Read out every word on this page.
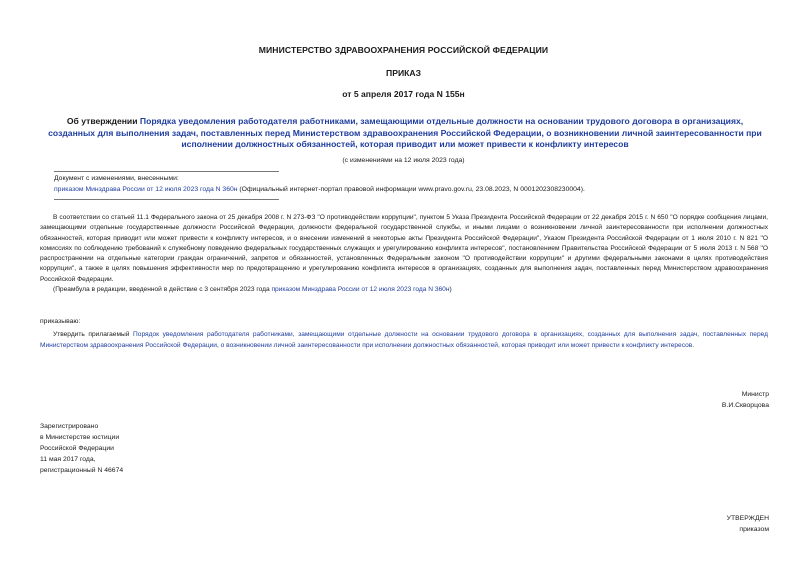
МИНИСТЕРСТВО ЗДРАВООХРАНЕНИЯ РОССИЙСКОЙ ФЕДЕРАЦИИ
ПРИКАЗ
от 5 апреля 2017 года N 155н
Об утверждении Порядка уведомления работодателя работниками, замещающими отдельные должности на основании трудового договора в организациях, созданных для выполнения задач, поставленных перед Министерством здравоохранения Российской Федерации, о возникновении личной заинтересованности при исполнении должностных обязанностей, которая приводит или может привести к конфликту интересов
(с изменениями на 12 июля 2023 года)
Документ с изменениями, внесенными:
приказом Минздрава России от 12 июля 2023 года N 360н (Официальный интернет-портал правовой информации www.pravo.gov.ru, 23.08.2023, N 0001202308230004).

В соответствии со статьей 11.1 Федерального закона от 25 декабря 2008 г. N 273-ФЗ "О противодействии коррупции", пунктом 5 Указа Президента Российской Федерации от 22 декабря 2015 г. N 650 "О порядке сообщения лицами, замещающими отдельные государственные должности Российской Федерации, должности федеральной государственной службы, и иными лицами о возникновении личной заинтересованности при исполнении должностных обязанностей, которая приводит или может привести к конфликту интересов, и о внесении изменений в некоторые акты Президента Российской Федерации", Указом Президента Российской Федерации от 1 июля 2010 г. N 821 "О комиссиях по соблюдению требований к служебному поведению федеральных государственных служащих и урегулированию конфликта интересов", постановлением Правительства Российской Федерации от 5 июля 2013 г. N 568 "О распространении на отдельные категории граждан ограничений, запретов и обязанностей, установленных Федеральным законом "О противодействии коррупции" и другими федеральными законами в целях противодействия коррупции", а также в целях повышения эффективности мер по предотвращению и урегулированию конфликта интересов в организациях, созданных для выполнения задач, поставленных перед Министерством здравоохранения Российской Федерации.

(Преамбула в редакции, введенной в действие с 3 сентября 2023 года приказом Минздрава России от 12 июля 2023 года N 360н)

приказываю:
Утвердить прилагаемый Порядок уведомления работодателя работниками, замещающими отдельные должности на основании трудового договора в организациях, созданных для выполнения задач, поставленных перед Министерством здравоохранения Российской Федерации, о возникновении личной заинтересованности при исполнении должностных обязанностей, которая приводит или может привести к конфликту интересов.
Министр
В.И.Скворцова
Зарегистрировано
в Министерстве юстиции
Российской Федерации
11 мая 2017 года,
регистрационный N 46674
УТВЕРЖДЕН
приказом
